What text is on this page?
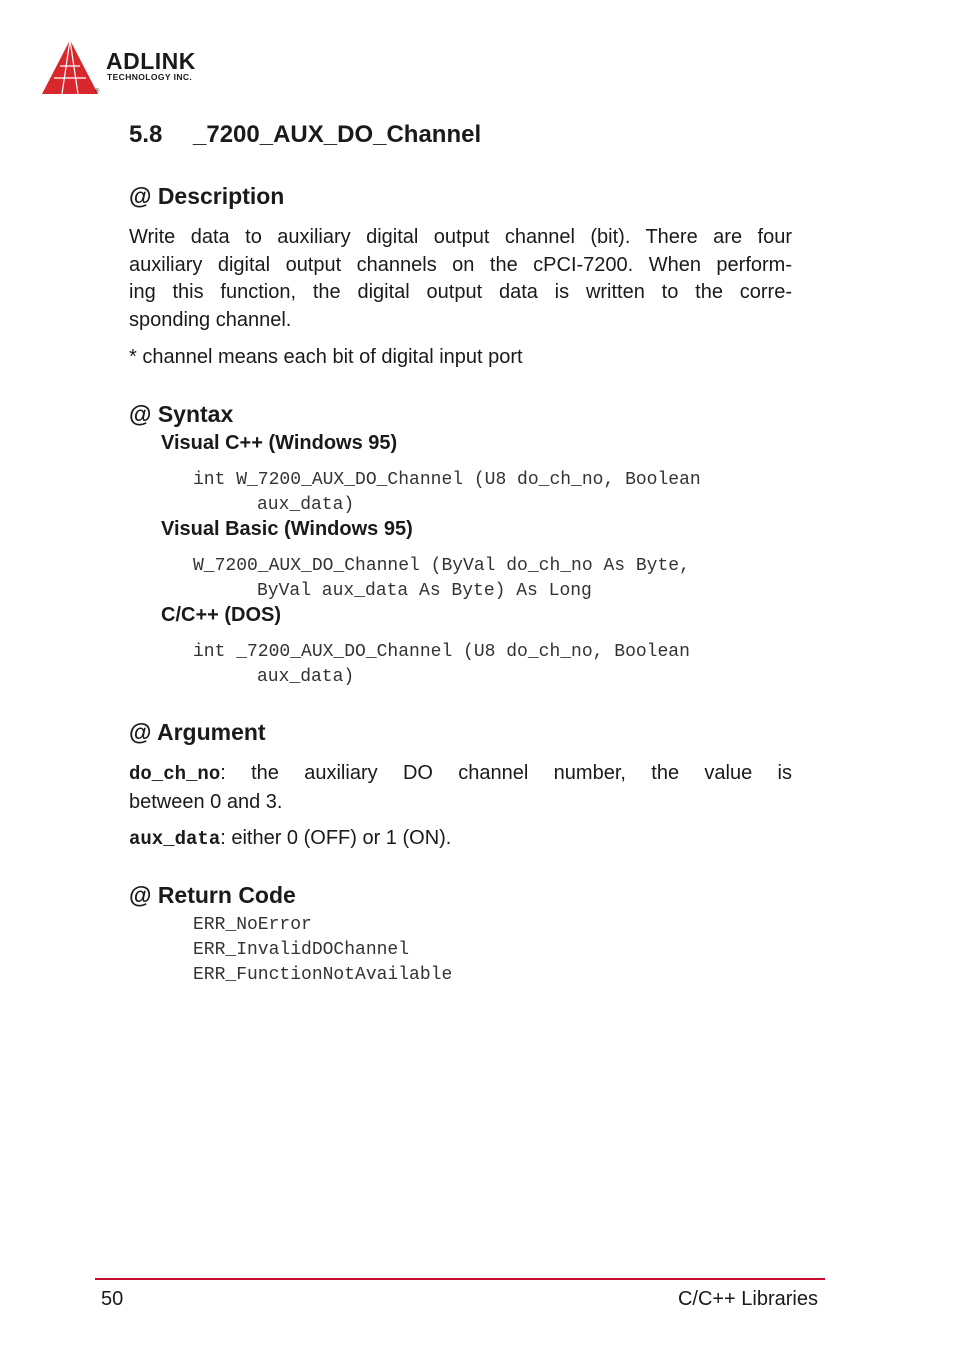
ADLINK
TECHNOLOGY INC.
®
5.8 _7200_AUX_DO_Channel
@ Description
Write data to auxiliary digital output channel (bit). There are four
auxiliary digital output channels on the cPCI-7200. When perform-
ing this function, the digital output data is written to the corre-
sponding channel.
* channel means each bit of digital input port
@ Syntax
Visual C++ (Windows 95)
int W_7200_AUX_DO_Channel (U8 do_ch_no, Boolean
aux_data)
Visual Basic (Windows 95)
W_7200_AUX_DO_Channel (ByVal do_ch_no As Byte,
ByVal aux_data As Byte) As Long
C/C++ (DOS)
int _7200_AUX_DO_Channel (U8 do_ch_no, Boolean
aux_data)
@ Argument
do_ch_no: the auxiliary DO channel number, the value is
between 0 and 3.
aux_data: either 0 (OFF) or 1 (ON).
@ Return Code
ERR_NoError
ERR_InvalidDOChannel
ERR_FunctionNotAvailable
50	C/C++ Libraries
